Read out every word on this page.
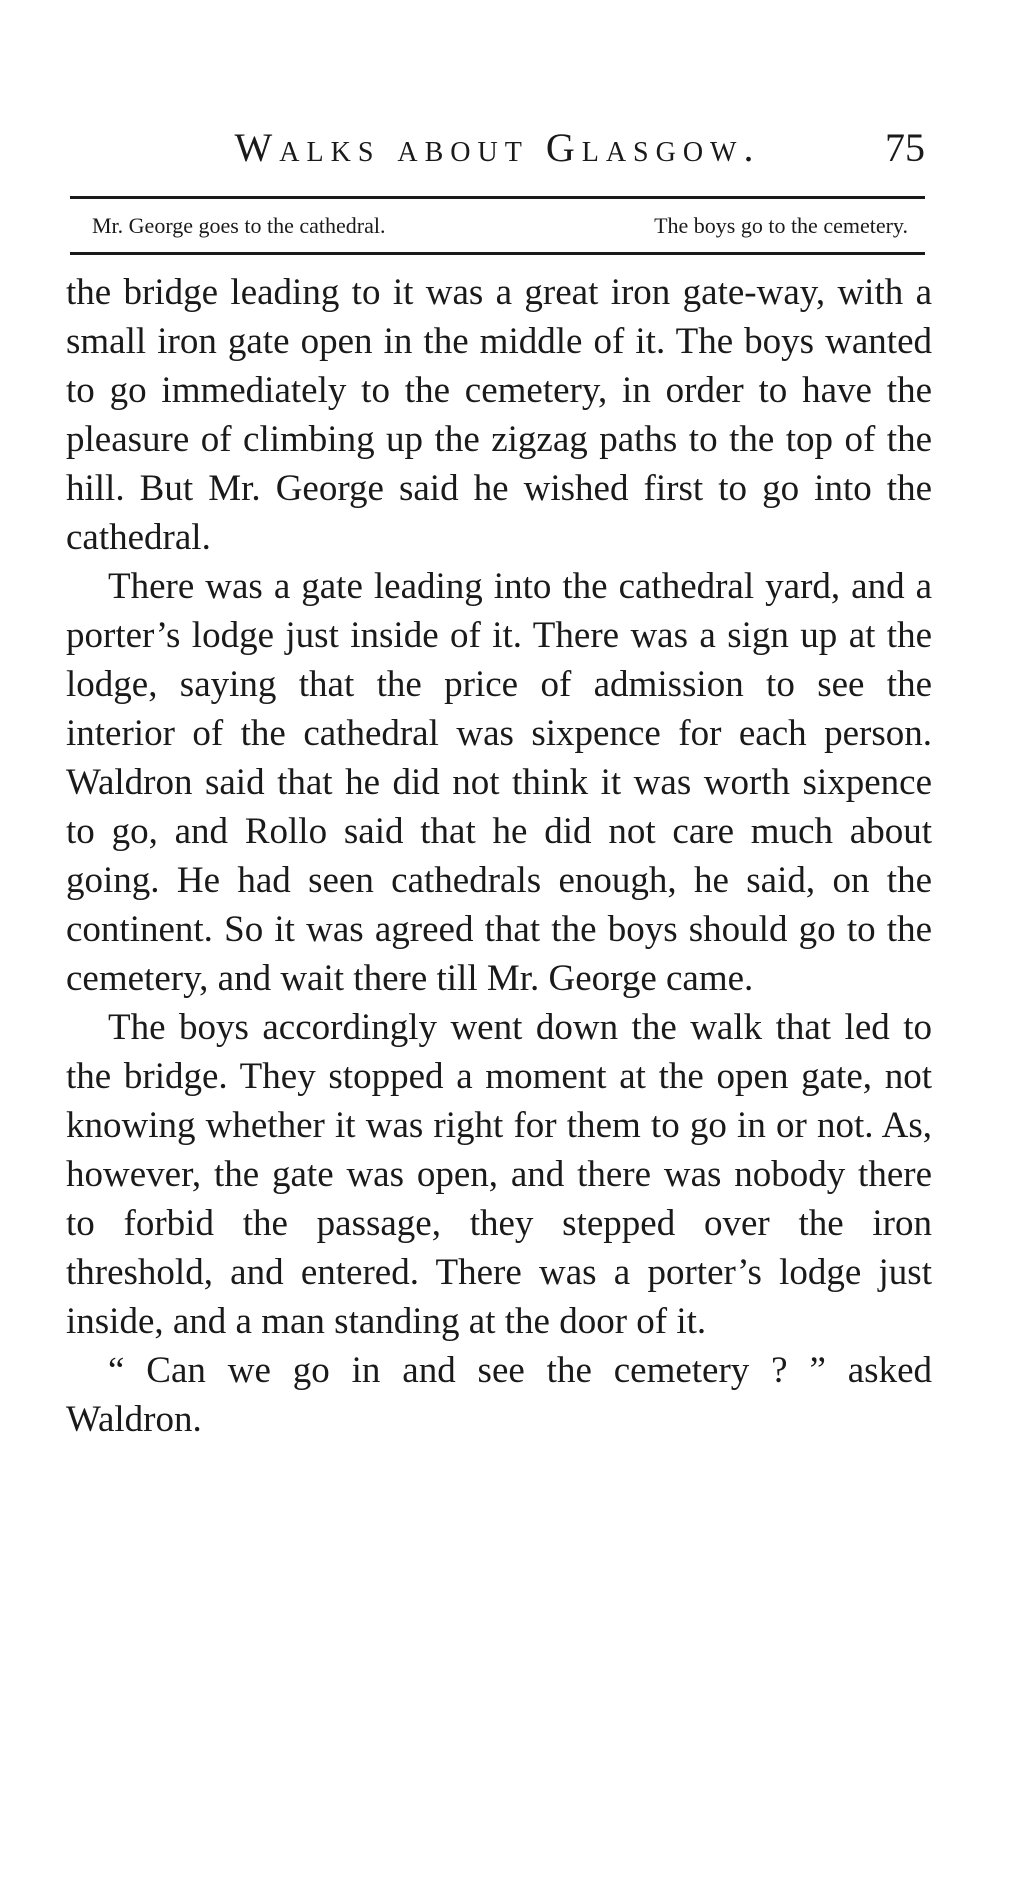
Walks about Glasgow.	75
Mr. George goes to the cathedral.	The boys go to the cemetery.

the bridge leading to it was a great iron gate-way, with a small iron gate open in the middle of it. The boys wanted to go immediately to the cemetery, in order to have the pleasure of climbing up the zigzag paths to the top of the hill. But Mr. George said he wished first to go into the cathedral.

There was a gate leading into the cathedral yard, and a porter’s lodge just inside of it. There was a sign up at the lodge, saying that the price of admission to see the interior of the cathedral was sixpence for each person. Waldron said that he did not think it was worth sixpence to go, and Rollo said that he did not care much about going. He had seen cathedrals enough, he said, on the continent. So it was agreed that the boys should go to the cemetery, and wait there till Mr. George came.

The boys accordingly went down the walk that led to the bridge. They stopped a moment at the open gate, not knowing whether it was right for them to go in or not. As, however, the gate was open, and there was nobody there to forbid the passage, they stepped over the iron threshold, and entered. There was a porter’s lodge just inside, and a man standing at the door of it.

“ Can we go in and see the cemetery ? ” asked Waldron.
